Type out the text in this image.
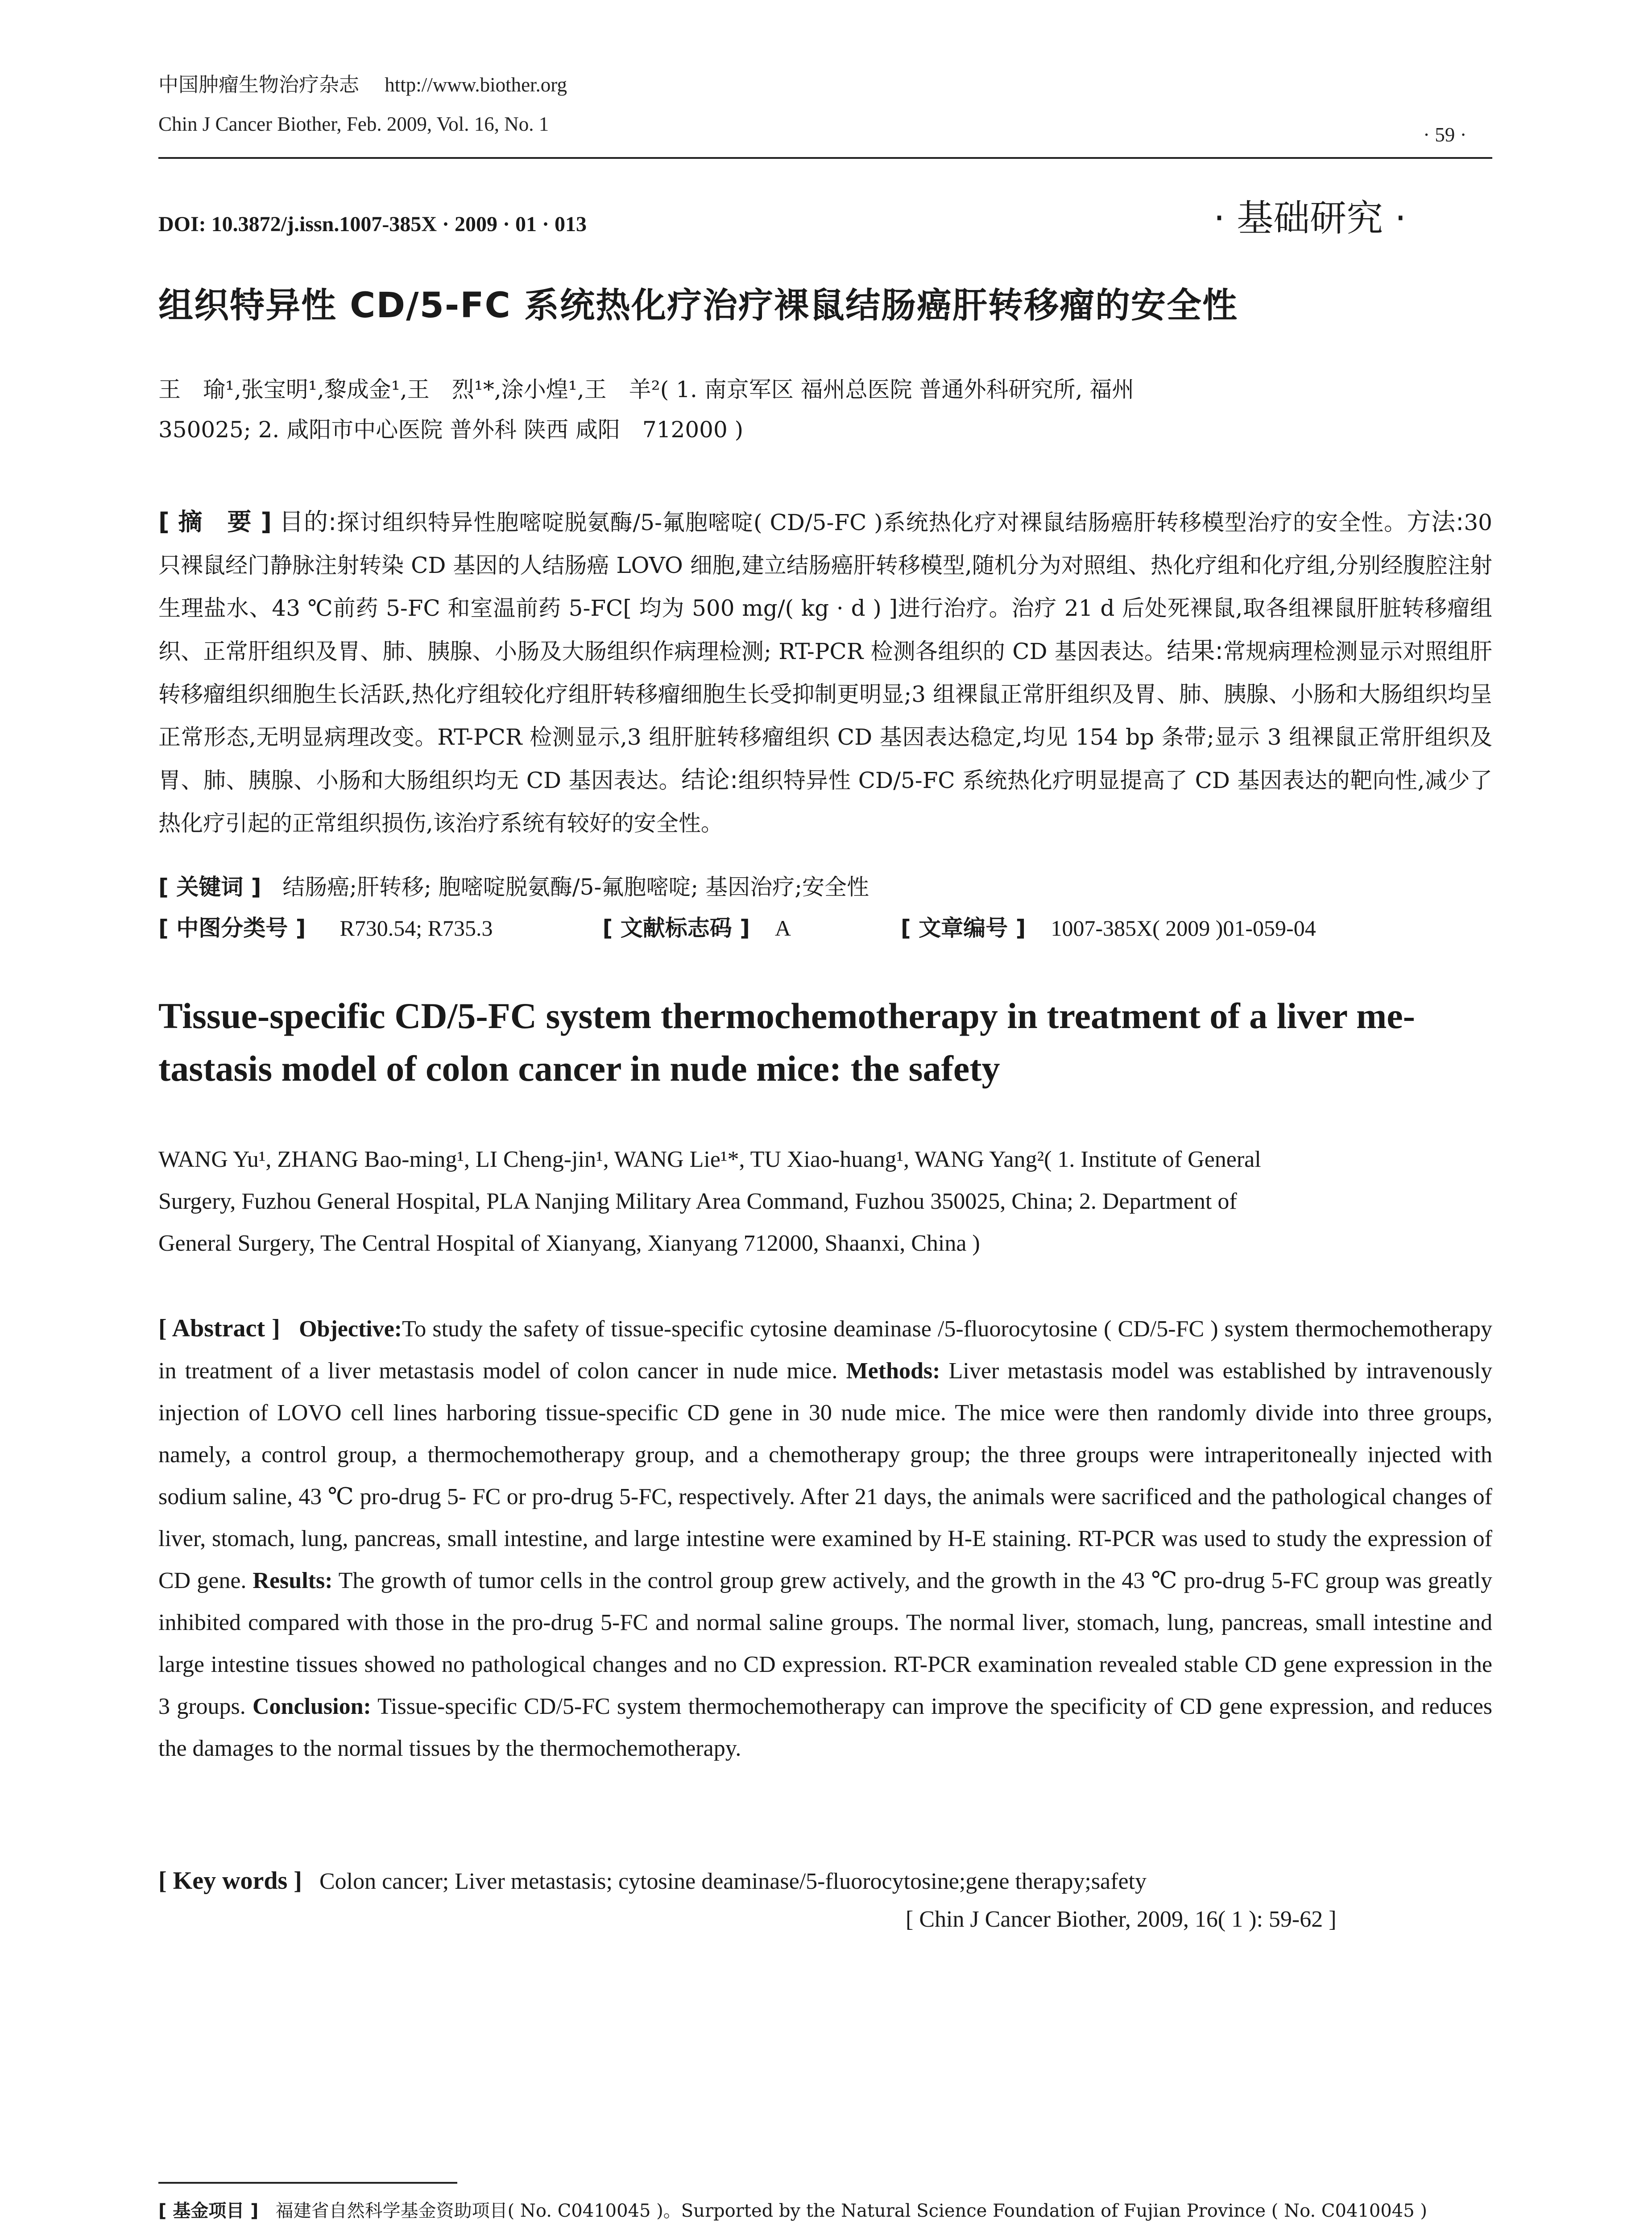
中国肿瘤生物治疗杂志 http://www.biother.org
Chin J Cancer Biother, Feb. 2009, Vol. 16, No. 1	· 59 ·
DOI: 10.3872/j.issn.1007-385X · 2009 · 01 · 013	· 基础研究 ·
组织特异性 CD/5-FC 系统热化疗治疗裸鼠结肠癌肝转移瘤的安全性
王　瑜¹,张宝明¹,黎成金¹,王　烈¹*,涂小煌¹,王　羊²( 1. 南京军区 福州总医院 普通外科研究所, 福州
350025; 2. 咸阳市中心医院 普外科 陕西 咸阳　712000 )
[ 摘　要 ] 目的:探讨组织特异性胞嘧啶脱氨酶/5-氟胞嘧啶( CD/5-FC )系统热化疗对裸鼠结肠癌肝转移模型治疗的安全性。方法:30 只裸鼠经门静脉注射转染 CD 基因的人结肠癌 LOVO 细胞,建立结肠癌肝转移模型,随机分为对照组、热化疗组和化疗组,分别经腹腔注射生理盐水、43 ℃前药 5-FC 和室温前药 5-FC[ 均为 500 mg/( kg · d ) ]进行治疗。治疗 21 d 后处死裸鼠,取各组裸鼠肝脏转移瘤组织、正常肝组织及胃、肺、胰腺、小肠及大肠组织作病理检测; RT-PCR 检测各组织的 CD 基因表达。结果:常规病理检测显示对照组肝转移瘤组织细胞生长活跃,热化疗组较化疗组肝转移瘤细胞生长受抑制更明显;3 组裸鼠正常肝组织及胃、肺、胰腺、小肠和大肠组织均呈正常形态,无明显病理改变。RT-PCR 检测显示,3 组肝脏转移瘤组织 CD 基因表达稳定,均见 154 bp 条带;显示 3 组裸鼠正常肝组织及胃、肺、胰腺、小肠和大肠组织均无 CD 基因表达。结论:组织特异性 CD/5-FC 系统热化疗明显提高了 CD 基因表达的靶向性,减少了热化疗引起的正常组织损伤,该治疗系统有较好的安全性。
[ 关键词 ] 结肠癌;肝转移; 胞嘧啶脱氨酶/5-氟胞嘧啶; 基因治疗;安全性
[ 中图分类号 ] R730.54; R735.3	[ 文献标志码 ] A	[ 文章编号 ] 1007-385X( 2009 )01-059-04
Tissue-specific CD/5-FC system thermochemotherapy in treatment of a liver me-
tastasis model of colon cancer in nude mice: the safety
WANG Yu¹, ZHANG Bao-ming¹, LI Cheng-jin¹, WANG Lie¹*, TU Xiao-huang¹, WANG Yang²( 1. Institute of General
Surgery, Fuzhou General Hospital, PLA Nanjing Military Area Command, Fuzhou 350025, China; 2. Department of
General Surgery, The Central Hospital of Xianyang, Xianyang 712000, Shaanxi, China )
[ Abstract ] Objective:To study the safety of tissue-specific cytosine deaminase /5-fluorocytosine ( CD/5-FC ) system thermochemotherapy in treatment of a liver metastasis model of colon cancer in nude mice. Methods: Liver metastasis model was established by intravenously injection of LOVO cell lines harboring tissue-specific CD gene in 30 nude mice. The mice were then randomly divide into three groups, namely, a control group, a thermochemotherapy group, and a chemotherapy group; the three groups were intraperitoneally injected with sodium saline, 43 ℃ pro-drug 5- FC or pro-drug 5-FC, respectively. After 21 days, the animals were sacrificed and the pathological changes of liver, stomach, lung, pancreas, small intestine, and large intestine were examined by H-E staining. RT-PCR was used to study the expression of CD gene. Results: The growth of tumor cells in the control group grew actively, and the growth in the 43 ℃ pro-drug 5-FC group was greatly inhibited compared with those in the pro-drug 5-FC and normal saline groups. The normal liver, stomach, lung, pancreas, small intestine and large intestine tissues showed no pathological changes and no CD expression. RT-PCR examination revealed stable CD gene expression in the 3 groups. Conclusion: Tissue-specific CD/5-FC system thermochemotherapy can improve the specificity of CD gene expression, and reduces the damages to the normal tissues by the thermochemotherapy.
[ Key words ] Colon cancer; Liver metastasis; cytosine deaminase/5-fluorocytosine;gene therapy;safety
[ Chin J Cancer Biother, 2009, 16( 1 ): 59-62 ]
[ 基金项目 ] 福建省自然科学基金资助项目( No. C0410045 )。Surported by the Natural Science Foundation of Fujian Province ( No. C0410045 )
